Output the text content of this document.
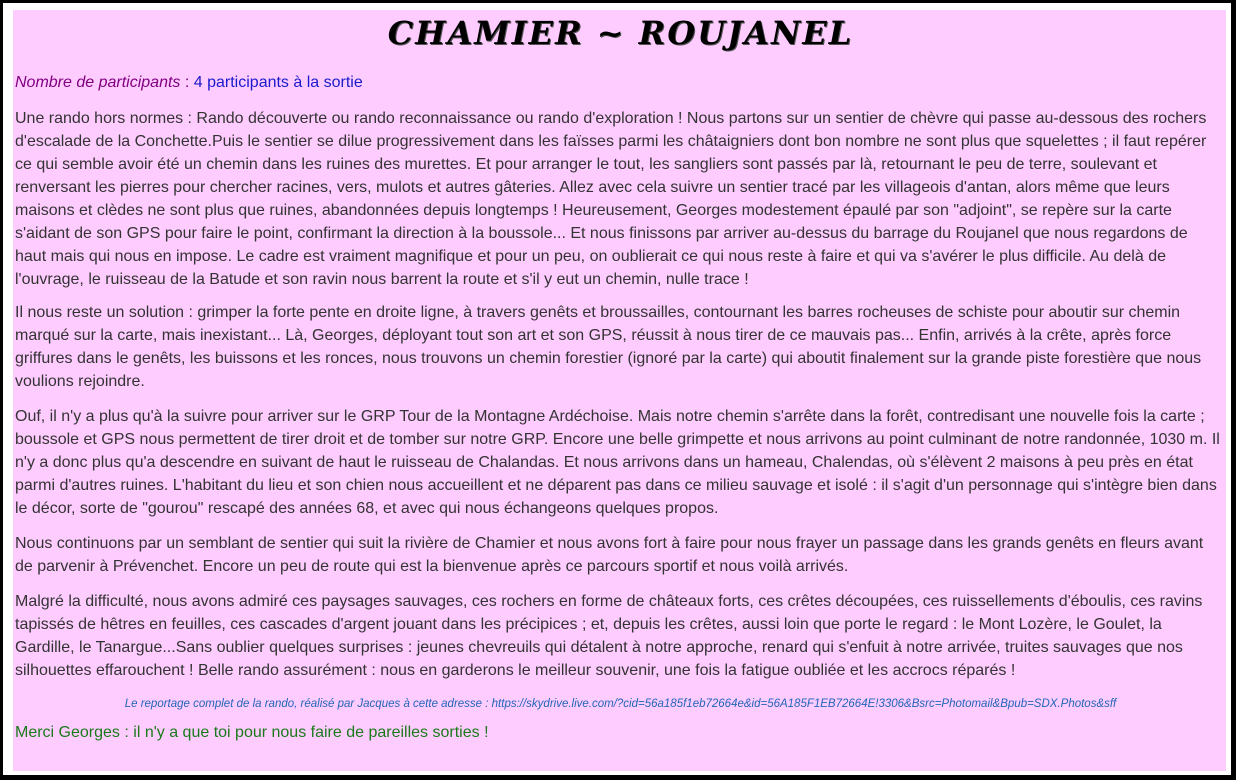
CHAMIER ~ ROUJANEL
Nombre de participants : 4 participants à la sortie

Une rando hors normes : Rando découverte ou rando reconnaissance ou rando d'exploration ! Nous partons sur un sentier de chèvre qui passe au-dessous des rochers d'escalade de la Conchette.Puis le sentier se dilue progressivement dans les faïsses parmi les châtaigniers dont bon nombre ne sont plus que squelettes ; il faut repérer ce qui semble avoir été un chemin dans les ruines des murettes. Et pour arranger le tout, les sangliers sont passés par là, retournant le peu de terre, soulevant et renversant les pierres pour chercher racines, vers, mulots et autres gâteries. Allez avec cela suivre un sentier tracé par les villageois d'antan, alors même que leurs maisons et clèdes ne sont plus que ruines, abandonnées depuis longtemps ! Heureusement, Georges modestement épaulé par son "adjoint", se repère sur la carte s'aidant de son GPS pour faire le point, confirmant la direction à la boussole... Et nous finissons par arriver au-dessus du barrage du Roujanel que nous regardons de haut mais qui nous en impose. Le cadre est vraiment magnifique et pour un peu, on oublierait ce qui nous reste à faire et qui va s'avérer le plus difficile. Au delà de l'ouvrage, le ruisseau de la Batude et son ravin nous barrent la route et s'il y eut un chemin, nulle trace !

Il nous reste un solution : grimper la forte pente en droite ligne, à travers genêts et broussailles, contournant les barres rocheuses de schiste pour aboutir sur chemin marqué sur la carte, mais inexistant... Là, Georges, déployant tout son art et son GPS, réussit à nous tirer de ce mauvais pas... Enfin, arrivés à la crête, après force griffures dans le genêts, les buissons et les ronces, nous trouvons un chemin forestier (ignoré par la carte) qui aboutit finalement sur la grande piste forestière que nous voulions rejoindre.

Ouf, il n'y a plus qu'à la suivre pour arriver sur le GRP Tour de la Montagne Ardéchoise. Mais notre chemin s'arrête dans la forêt, contredisant une nouvelle fois la carte ; boussole et GPS nous permettent de tirer droit et de tomber sur notre GRP. Encore une belle grimpette et nous arrivons au point culminant de notre randonnée, 1030 m. Il n'y a donc plus qu'a descendre en suivant de haut le ruisseau de Chalandas. Et nous arrivons dans un hameau, Chalendas, où s'élèvent 2 maisons à peu près en état parmi d'autres ruines. L'habitant du lieu et son chien nous accueillent et ne déparent pas dans ce milieu sauvage et isolé : il s'agit d'un personnage qui s'intègre bien dans le décor, sorte de "gourou" rescapé des années 68, et avec qui nous échangeons quelques propos.

Nous continuons par un semblant de sentier qui suit la rivière de Chamier et nous avons fort à faire pour nous frayer un passage dans les grands genêts en fleurs avant de parvenir à Prévenchet. Encore un peu de route qui est la bienvenue après ce parcours sportif et nous voilà arrivés.

Malgré la difficulté, nous avons admiré ces paysages sauvages, ces rochers en forme de châteaux forts, ces crêtes découpées, ces ruissellements d'éboulis, ces ravins tapissés de hêtres en feuilles, ces cascades d'argent jouant dans les précipices ; et, depuis les crêtes, aussi loin que porte le regard : le Mont Lozère, le Goulet, la Gardille, le Tanargue...Sans oublier quelques surprises : jeunes chevreuils qui détalent à notre approche, renard qui s'enfuit à notre arrivée, truites sauvages que nos silhouettes effarouchent ! Belle rando assurément : nous en garderons le meilleur souvenir, une fois la fatigue oubliée et les accrocs réparés !

Le reportage complet de la rando, réalisé par Jacques à cette adresse : https://skydrive.live.com/?cid=56a185f1eb72664e&id=56A185F1EB72664E!3306&Bsrc=Photomail&Bpub=SDX.Photos&sff

Merci Georges : il n'y a que toi pour nous faire de pareilles sorties !
